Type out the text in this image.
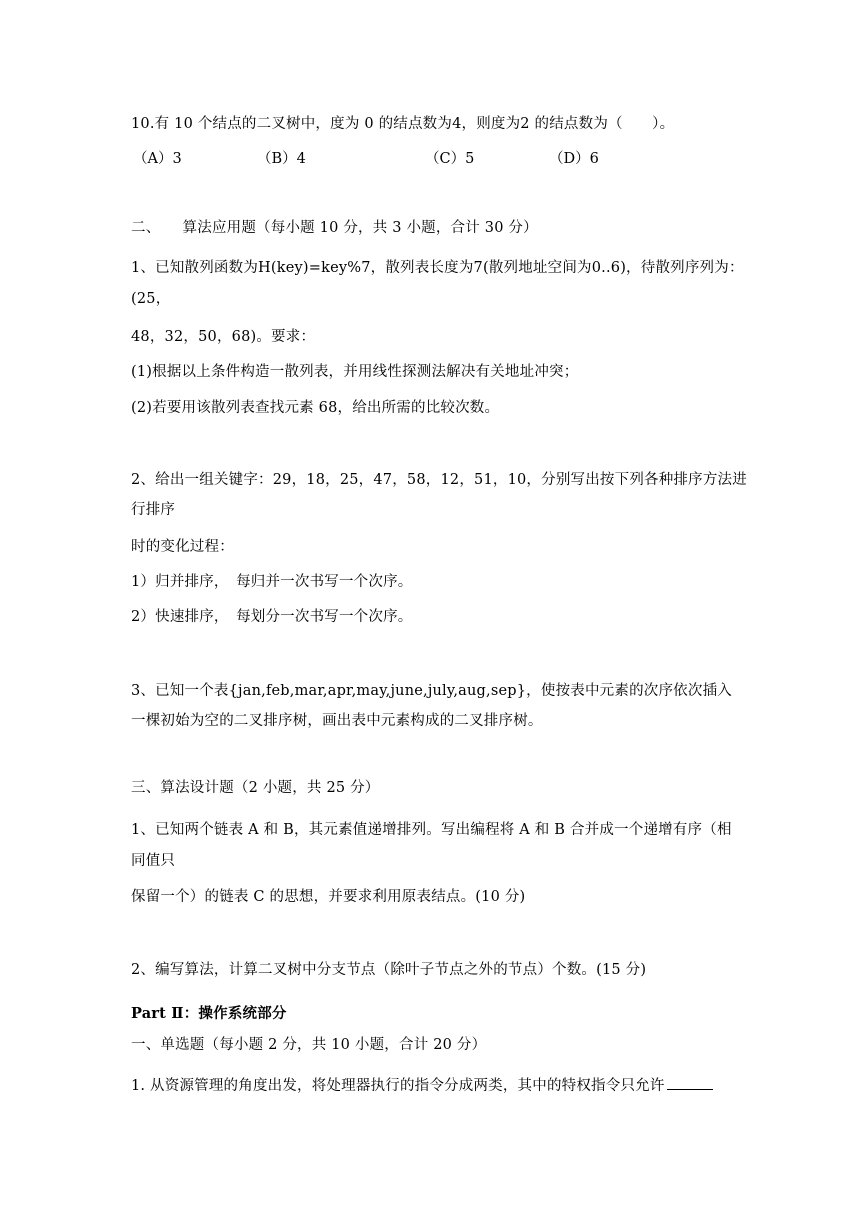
10.有 10 个结点的二叉树中，度为 0 的结点数为4，则度为2 的结点数为（　　）。
（A）3	（B）4	（C）5	（D）6
二、　　算法应用题（每小题 10 分，共 3 小题，合计 30 分）
1、已知散列函数为H(key)=key%7，散列表长度为7(散列地址空间为0..6)，待散列序列为：
(25，
48，32，50，68)。要求：
(1)根据以上条件构造一散列表，并用线性探测法解决有关地址冲突；
(2)若要用该散列表查找元素 68，给出所需的比较次数。
2、给出一组关键字：29，18，25，47，58，12，51，10，分别写出按下列各种排序方法进
行排序
时的变化过程：
1）归并排序，　每归并一次书写一个次序。
2）快速排序，　每划分一次书写一个次序。
3、已知一个表{jan,feb,mar,apr,may,june,july,aug,sep}，使按表中元素的次序依次插入
一棵初始为空的二叉排序树，画出表中元素构成的二叉排序树。
三、算法设计题（2 小题，共 25 分）
1、已知两个链表 A 和 B，其元素值递增排列。写出编程将 A 和 B 合并成一个递增有序（相
同值只
保留一个）的链表 C 的思想，并要求利用原表结点。(10 分)
2、编写算法，计算二叉树中分支节点（除叶子节点之外的节点）个数。(15 分)
Part Ⅱ：操作系统部分
一、单选题（每小题 2 分，共 10 小题，合计 20 分）
1. 从资源管理的角度出发，将处理器执行的指令分成两类，其中的特权指令只允许
